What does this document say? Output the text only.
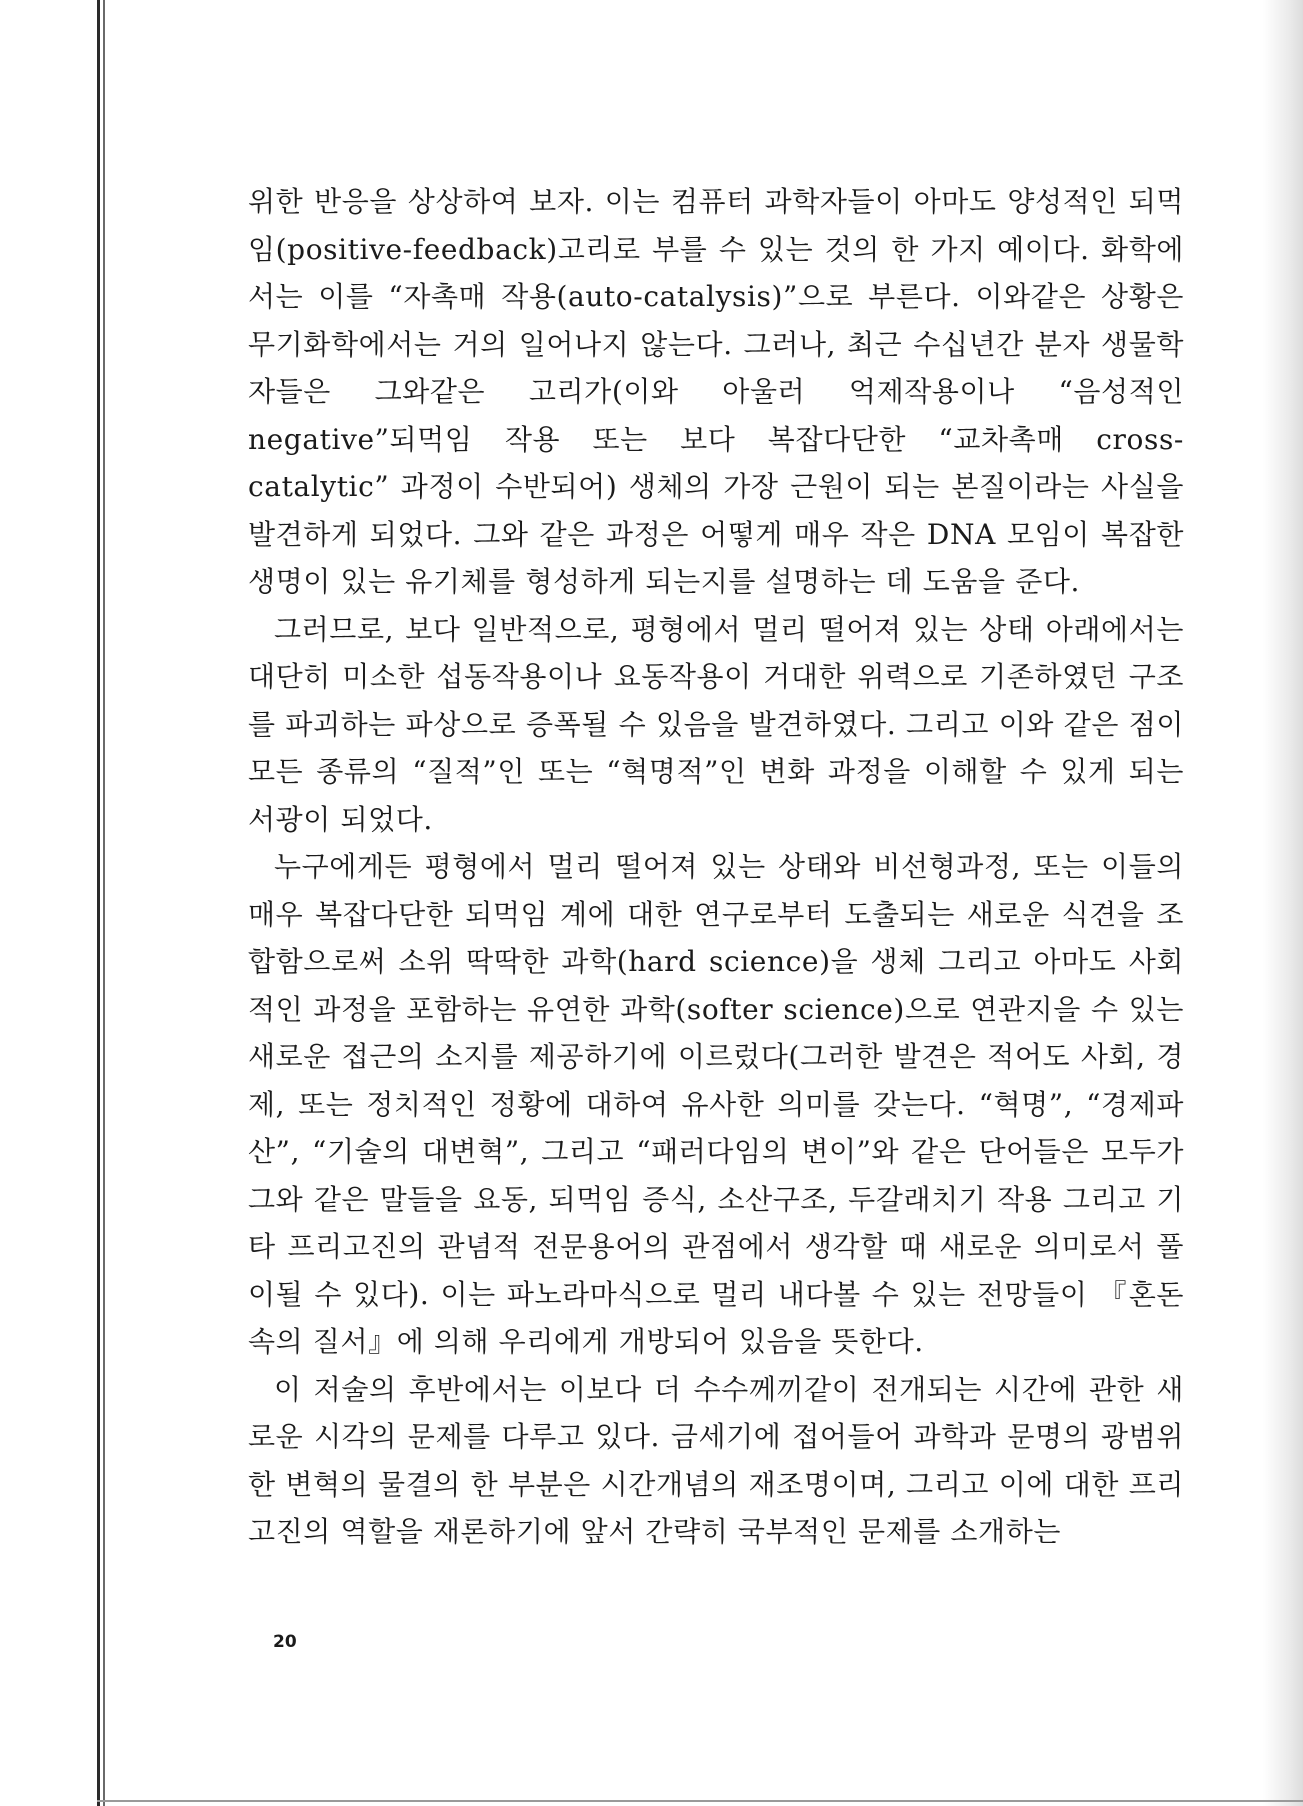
위한 반응을 상상하여 보자. 이는 컴퓨터 과학자들이 아마도 양성적인 되먹임(positive-feedback)고리로 부를 수 있는 것의 한 가지 예이다. 화학에서는 이를 “자촉매 작용(auto-catalysis)”으로 부른다. 이와같은 상황은 무기화학에서는 거의 일어나지 않는다. 그러나, 최근 수십년간 분자 생물학자들은 그와같은 고리가(이와 아울러 억제작용이나 “음성적인 negative”되먹임 작용 또는 보다 복잡다단한 “교차촉매 cross-catalytic” 과정이 수반되어) 생체의 가장 근원이 되는 본질이라는 사실을 발견하게 되었다. 그와 같은 과정은 어떻게 매우 작은 DNA 모임이 복잡한 생명이 있는 유기체를 형성하게 되는지를 설명하는 데 도움을 준다.

그러므로, 보다 일반적으로, 평형에서 멀리 떨어져 있는 상태 아래에서는 대단히 미소한 섭동작용이나 요동작용이 거대한 위력으로 기존하였던 구조를 파괴하는 파상으로 증폭될 수 있음을 발견하였다. 그리고 이와 같은 점이 모든 종류의 “질적”인 또는 “혁명적”인 변화 과정을 이해할 수 있게 되는 서광이 되었다.

누구에게든 평형에서 멀리 떨어져 있는 상태와 비선형과정, 또는 이들의 매우 복잡다단한 되먹임 계에 대한 연구로부터 도출되는 새로운 식견을 조합함으로써 소위 딱딱한 과학(hard science)을 생체 그리고 아마도 사회적인 과정을 포함하는 유연한 과학(softer science)으로 연관지을 수 있는 새로운 접근의 소지를 제공하기에 이르렀다(그러한 발견은 적어도 사회, 경제, 또는 정치적인 정황에 대하여 유사한 의미를 갖는다. “혁명”, “경제파산”, “기술의 대변혁”, 그리고 “패러다임의 변이”와 같은 단어들은 모두가 그와 같은 말들을 요동, 되먹임 증식, 소산구조, 두갈래치기 작용 그리고 기타 프리고진의 관념적 전문용어의 관점에서 생각할 때 새로운 의미로서 풀이될 수 있다). 이는 파노라마식으로 멀리 내다볼 수 있는 전망들이 『혼돈 속의 질서』에 의해 우리에게 개방되어 있음을 뜻한다.

이 저술의 후반에서는 이보다 더 수수께끼같이 전개되는 시간에 관한 새로운 시각의 문제를 다루고 있다. 금세기에 접어들어 과학과 문명의 광범위한 변혁의 물결의 한 부분은 시간개념의 재조명이며, 그리고 이에 대한 프리고진의 역할을 재론하기에 앞서 간략히 국부적인 문제를 소개하는

20
